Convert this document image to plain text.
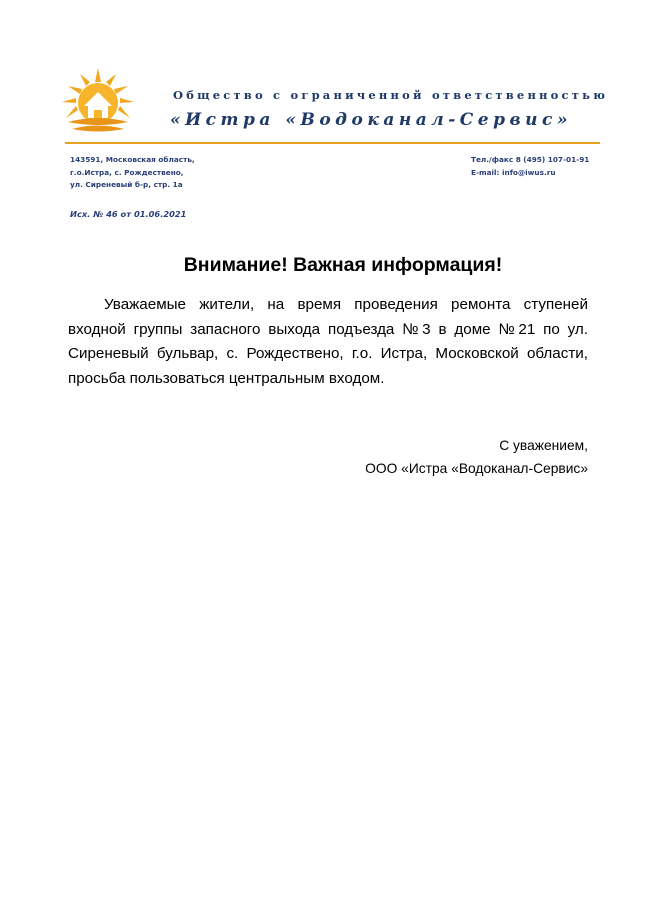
Общество с ограниченной ответственностью
«Истра «Водоканал-Сервис»
143591, Московская область,
г.о.Истра, с. Рождествено,
ул. Сиреневый б-р, стр. 1а
Тел./факс 8 (495) 107-01-91
E-mail: info@iwus.ru
Исх. № 46 от 01.06.2021
Внимание! Важная информация!
Уважаемые жители, на время проведения ремонта ступеней входной группы запасного выхода подъезда №3 в доме №21 по ул. Сиреневый бульвар, с. Рождествено, г.о. Истра, Московской области, просьба пользоваться центральным входом.
С уважением,
ООО «Истра «Водоканал-Сервис»
